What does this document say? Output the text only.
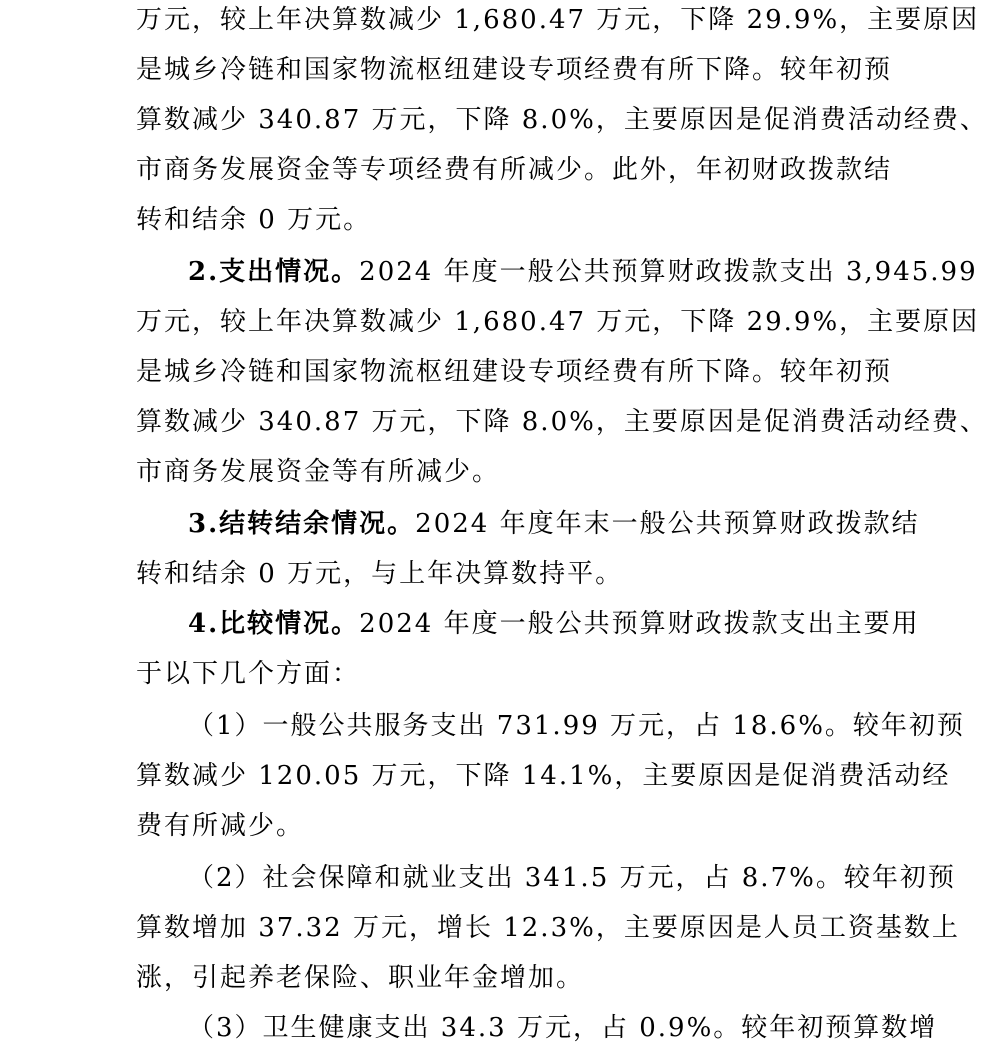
万元，较上年决算数减少 1,680.47 万元，下降 29.9%，主要原因
是城乡冷链和国家物流枢纽建设专项经费有所下降。较年初预
算数减少 340.87 万元，下降 8.0%，主要原因是促消费活动经费、
市商务发展资金等专项经费有所减少。此外，年初财政拨款结
转和结余 0 万元。
2.支出情况。2024 年度一般公共预算财政拨款支出 3,945.99
万元，较上年决算数减少 1,680.47 万元，下降 29.9%，主要原因
是城乡冷链和国家物流枢纽建设专项经费有所下降。较年初预
算数减少 340.87 万元，下降 8.0%，主要原因是促消费活动经费、
市商务发展资金等有所减少。
3.结转结余情况。2024 年度年末一般公共预算财政拨款结
转和结余 0 万元，与上年决算数持平。
4.比较情况。2024 年度一般公共预算财政拨款支出主要用
于以下几个方面：
（1）一般公共服务支出 731.99 万元，占 18.6%。较年初预
算数减少 120.05 万元，下降 14.1%，主要原因是促消费活动经
费有所减少。
（2）社会保障和就业支出 341.5 万元，占 8.7%。较年初预
算数增加 37.32 万元，增长 12.3%，主要原因是人员工资基数上
涨，引起养老保险、职业年金增加。
（3）卫生健康支出 34.3 万元，占 0.9%。较年初预算数增
